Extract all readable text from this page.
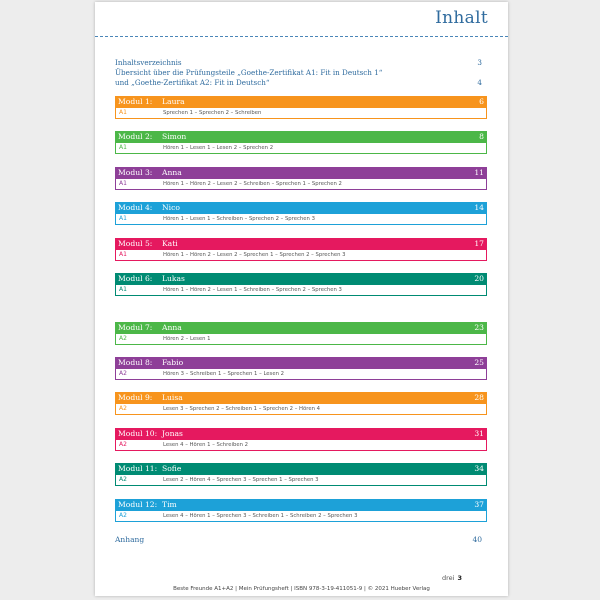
Inhalt
Inhaltsverzeichnis	3
Übersicht über die Prüfungsteile „Goethe-Zertifikat A1: Fit in Deutsch 1“
und „Goethe-Zertifikat A2: Fit in Deutsch“	4
Modul 1: Laura	6
A1	Sprechen 1 – Sprechen 2 – Schreiben
Modul 2: Simon	8
A1	Hören 1 – Lesen 1 – Lesen 2 – Sprechen 2
Modul 3: Anna	11
A1	Hören 1 – Hören 2 – Lesen 2 – Schreiben – Sprechen 1 – Sprechen 2
Modul 4: Nico	14
A1	Hören 1 – Lesen 1 – Schreiben – Sprechen 2 – Sprechen 3
Modul 5: Kati	17
A1	Hören 1 – Hören 2 – Lesen 2 – Sprechen 1 – Sprechen 2 – Sprechen 3
Modul 6: Lukas	20
A1	Hören 1 – Hören 2 – Lesen 1 – Schreiben – Sprechen 2 – Sprechen 3
Modul 7: Anna	23
A2	Hören 2 – Lesen 1
Modul 8: Fabio	25
A2	Hören 3 – Schreiben 1 – Sprechen 1 – Lesen 2
Modul 9: Luisa	28
A2	Lesen 3 – Sprechen 2 – Schreiben 1 – Sprechen 2 – Hören 4
Modul 10: Jonas	31
A2	Lesen 4 – Hören 1 – Schreiben 2
Modul 11: Sofie	34
A2	Lesen 2 – Hören 4 – Sprechen 3 – Sprechen 1 – Sprechen 3
Modul 12: Tim	37
A2	Lesen 4 – Hören 1 – Sprechen 3 – Schreiben 1 – Schreiben 2 – Sprechen 3
Anhang	40
drei 3
Beste Freunde A1+A2 | Mein Prüfungsheft | ISBN 978-3-19-411051-9 | © 2021 Hueber Verlag
